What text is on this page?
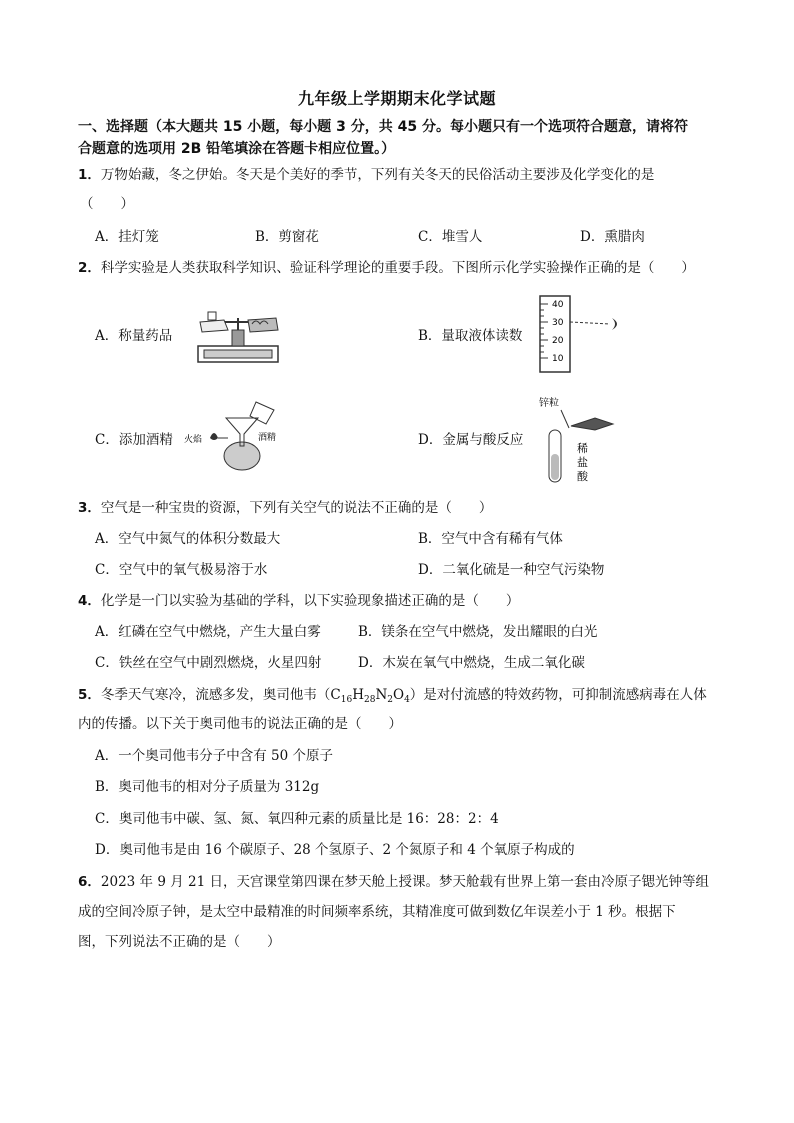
九年级上学期期末化学试题
一、选择题（本大题共 15 小题，每小题 3 分，共 45 分。每小题只有一个选项符合题意，请将符
合题意的选项用 2B 铅笔填涂在答题卡相应位置。）
1．万物始藏，冬之伊始。冬天是个美好的季节，下列有关冬天的民俗活动主要涉及化学变化的是
（　　）
A．挂灯笼	B．剪窗花	C．堆雪人	D．熏腊肉
2．科学实验是人类获取科学知识、验证科学理论的重要手段。下图所示化学实验操作正确的是（　　）
A．称量药品	B．量取液体读数
40
30
20
10
C．添加酒精 火焰	酒精	D．金属与酸反应
锌粒
稀
盐
酸
3．空气是一种宝贵的资源，下列有关空气的说法不正确的是（　　）
A．空气中氮气的体积分数最大	B．空气中含有稀有气体
C．空气中的氧气极易溶于水	D．二氧化硫是一种空气污染物
4．化学是一门以实验为基础的学科，以下实验现象描述正确的是（　　）
A．红磷在空气中燃烧，产生大量白雾	B．镁条在空气中燃烧，发出耀眼的白光
C．铁丝在空气中剧烈燃烧，火星四射	D．木炭在氧气中燃烧，生成二氧化碳
5．冬季天气寒冷，流感多发，奥司他韦$(C_{16}H_{28}N_2O_4)$是对付流感的特效药物，可抑制流感病毒在人体
内的传播。以下关于奥司他韦的说法正确的是（　　）
A．一个奥司他韦分子中含有 50 个原子
B．奥司他韦的相对分子质量为 312g
C．奥司他韦中碳、氢、氮、氧四种元素的质量比是 16：28：2：4
D．奥司他韦是由 16 个碳原子、28 个氢原子、2 个氮原子和 4 个氧原子构成的
6．2023 年 9 月 21 日，天宫课堂第四课在梦天舱上授课。梦天舱载有世界上第一套由冷原子锶光钟等组
成的空间冷原子钟，是太空中最精准的时间频率系统，其精准度可做到数亿年误差小于 1 秒。根据下
图，下列说法不正确的是（　　）
